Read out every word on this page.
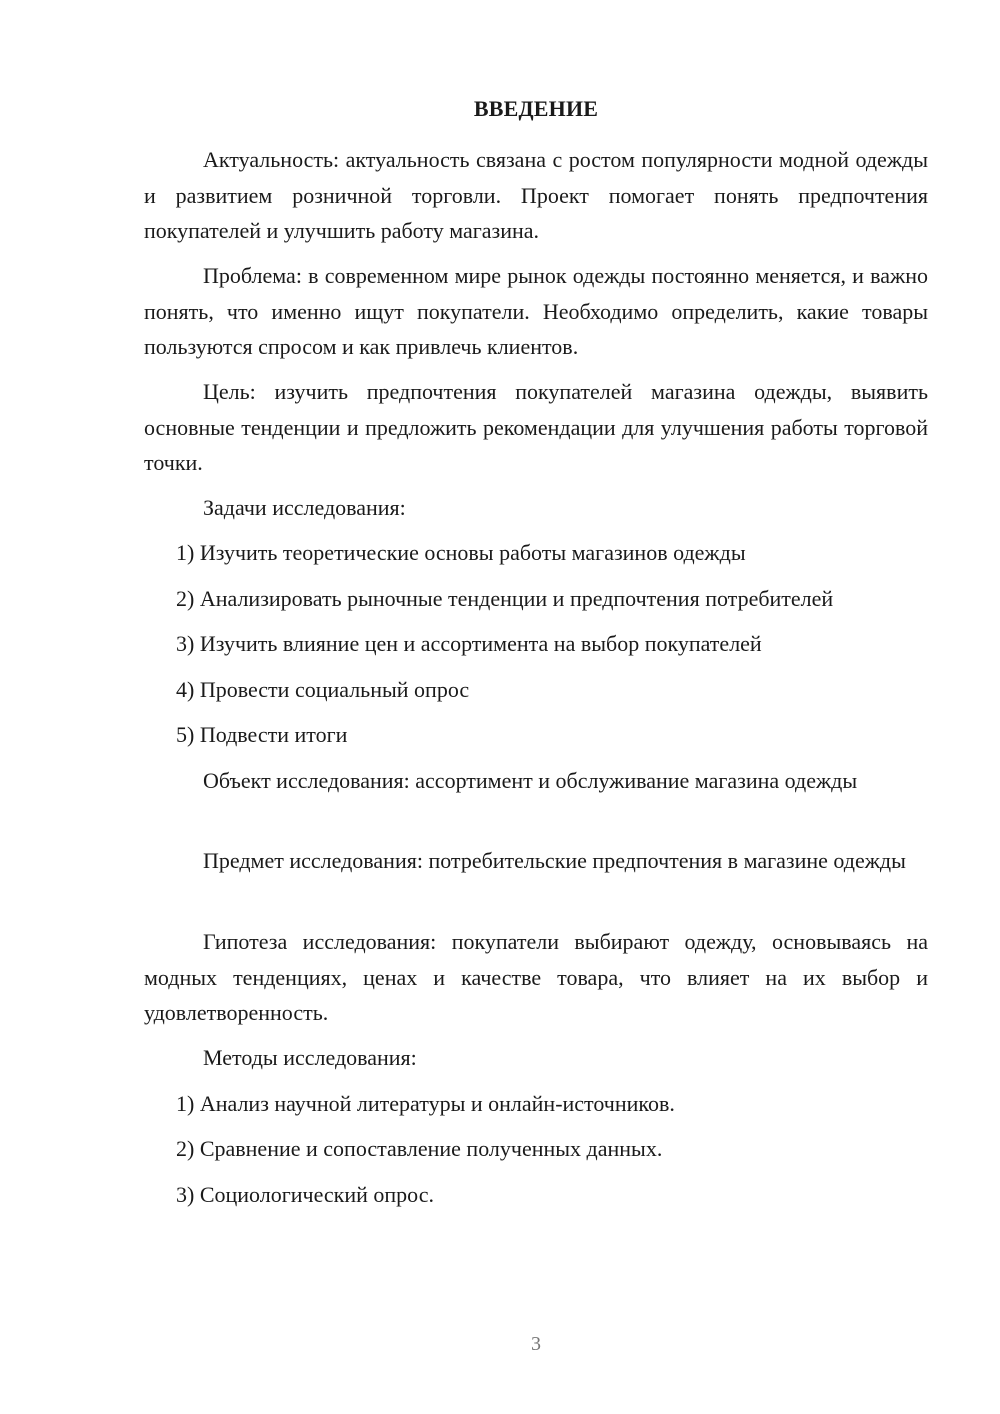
ВВЕДЕНИЕ
Актуальность: актуальность связана с ростом популярности модной одежды и развитием розничной торговли. Проект помогает понять предпочтения покупателей и улучшить работу магазина.
Проблема: в современном мире рынок одежды постоянно меняется, и важно понять, что именно ищут покупатели. Необходимо определить, какие товары пользуются спросом и как привлечь клиентов.
Цель: изучить предпочтения покупателей магазина одежды, выявить основные тенденции и предложить рекомендации для улучшения работы торговой точки.
Задачи исследования:
1) Изучить теоретические основы работы магазинов одежды
2) Анализировать рыночные тенденции и предпочтения потребителей
3) Изучить влияние цен и ассортимента на выбор покупателей
4) Провести социальный опрос
5) Подвести итоги
Объект исследования: ассортимент и обслуживание магазина одежды
Предмет исследования: потребительские предпочтения в магазине одежды
Гипотеза исследования: покупатели выбирают одежду, основываясь на модных тенденциях, ценах и качестве товара, что влияет на их выбор и удовлетворенность.
Методы исследования:
1) Анализ научной литературы и онлайн-источников.
2) Сравнение и сопоставление полученных данных.
3) Социологический опрос.
3
